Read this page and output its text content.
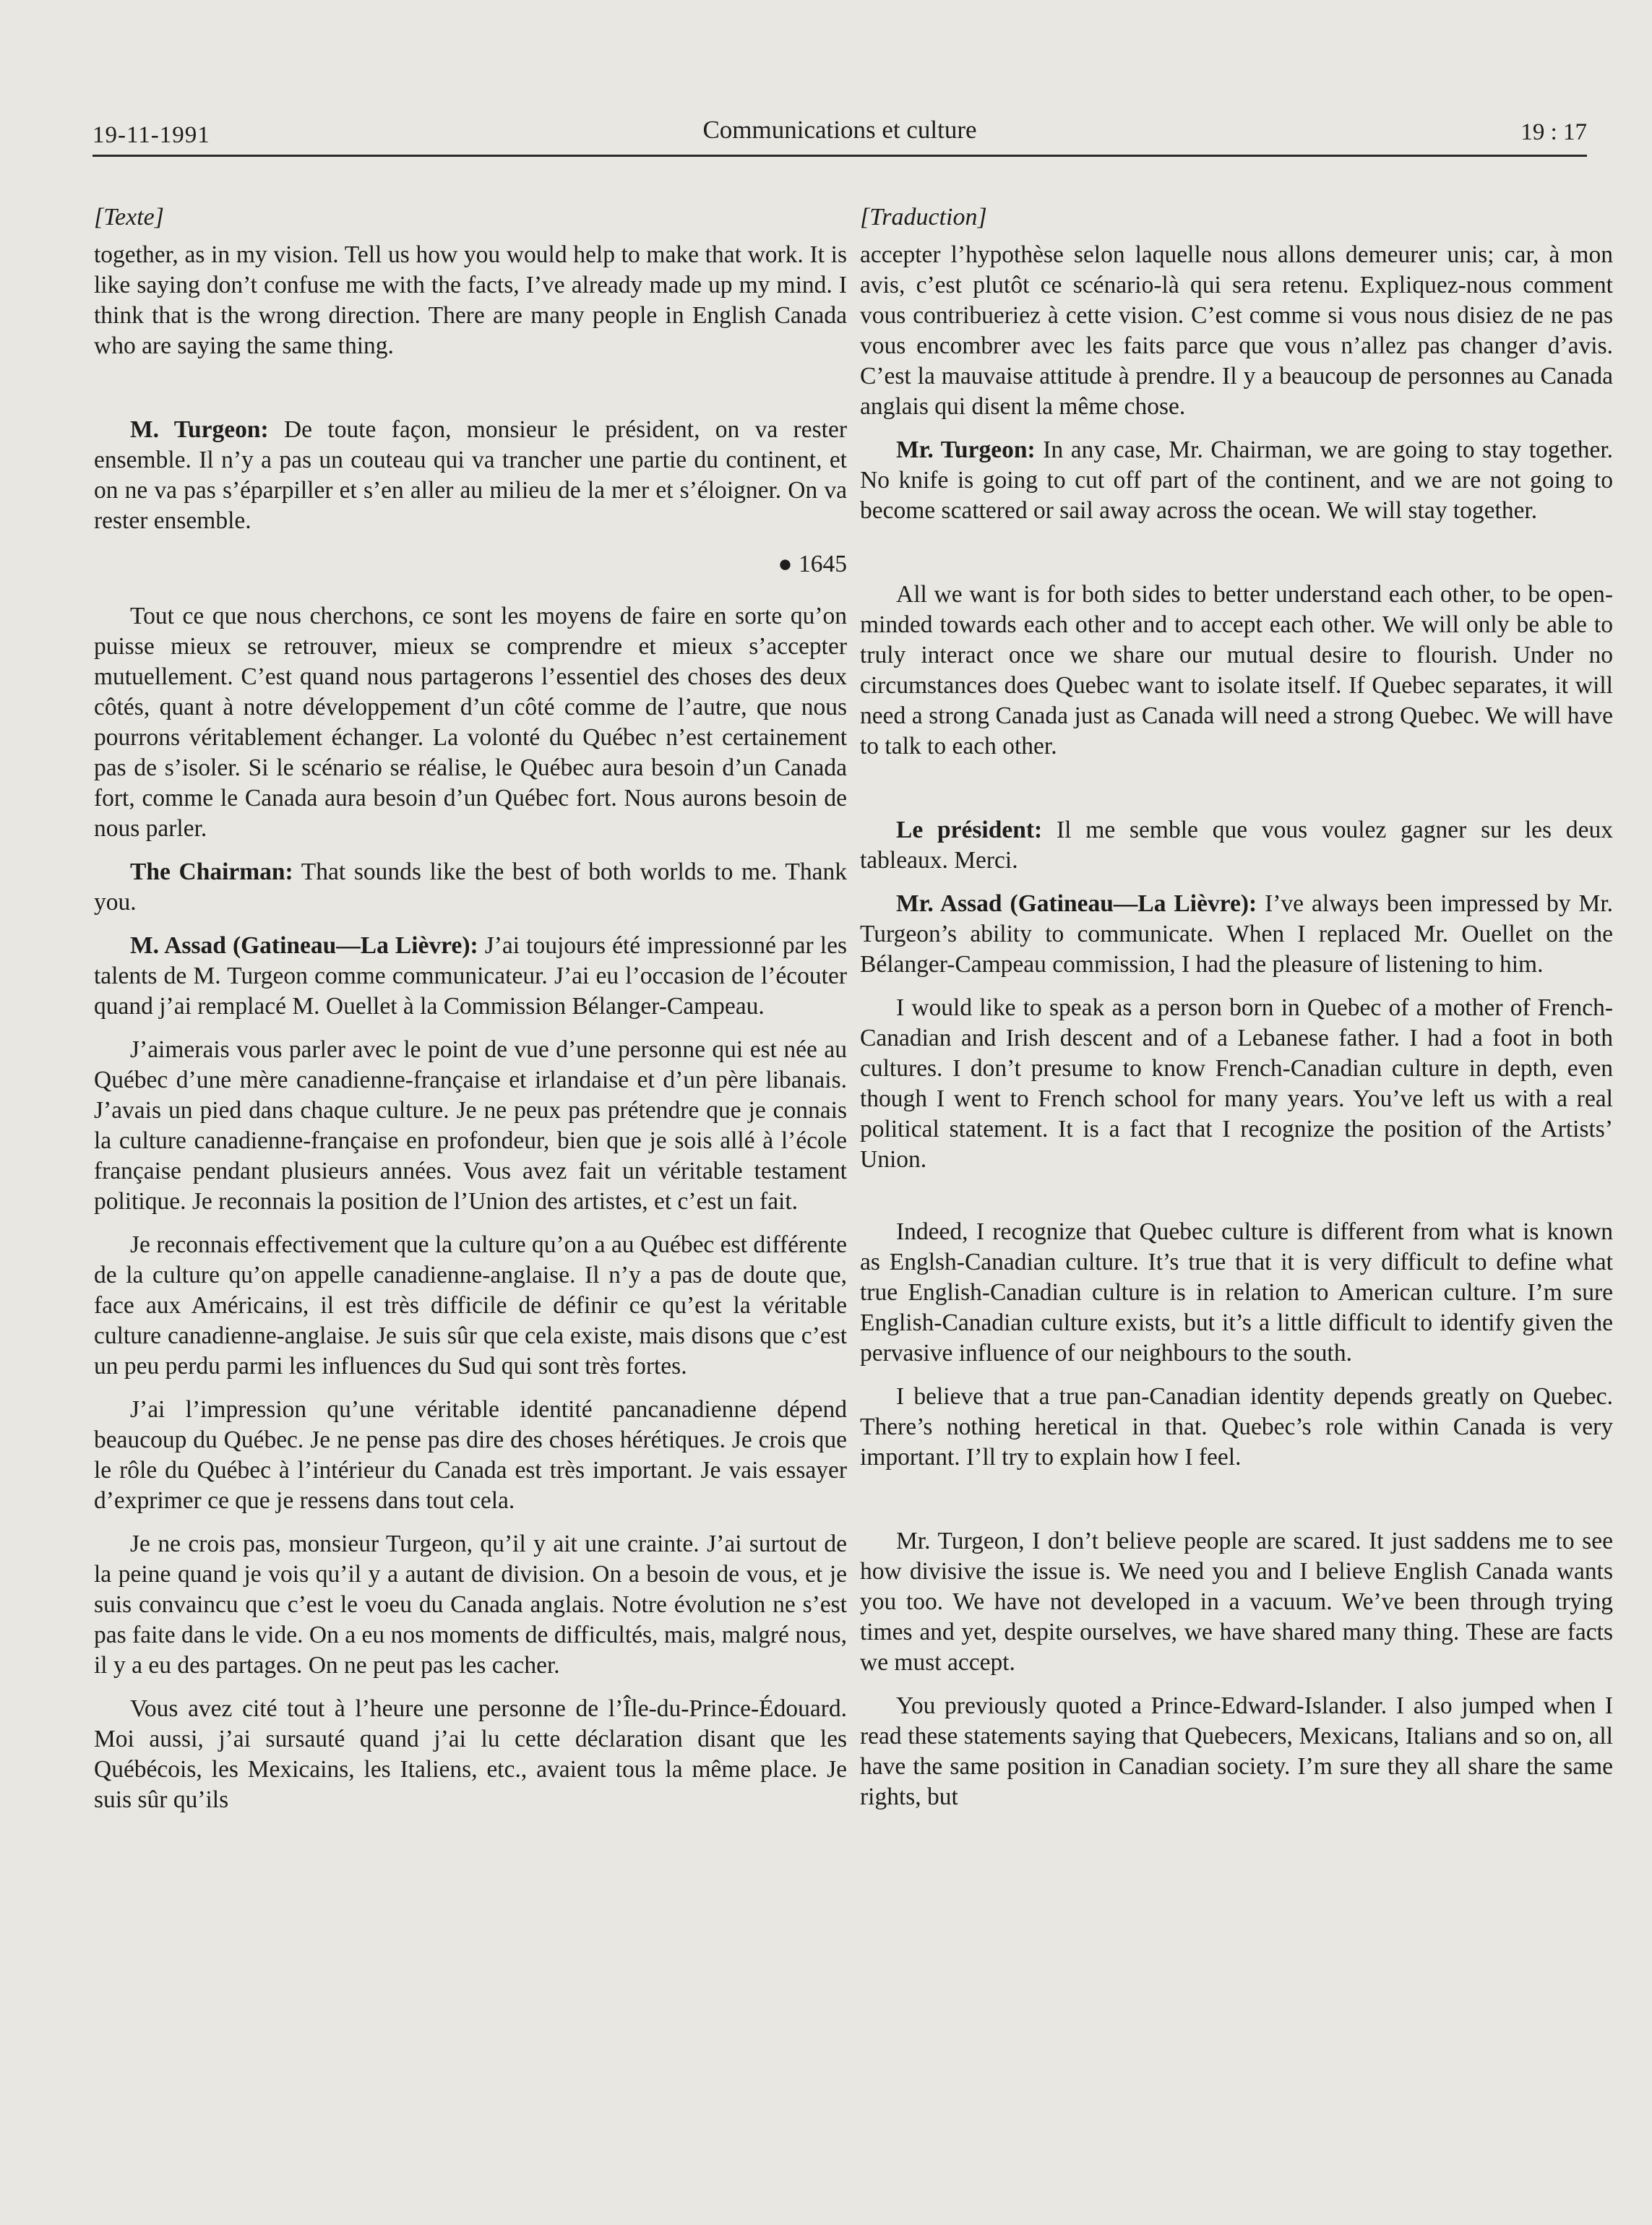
19-11-1991	Communications et culture	19 : 17

[Texte]

together, as in my vision. Tell us how you would help to make that work. It is like saying don’t confuse me with the facts, I’ve already made up my mind. I think that is the wrong direction. There are many people in English Canada who are saying the same thing.

M. Turgeon: De toute façon, monsieur le président, on va rester ensemble. Il n’y a pas un couteau qui va trancher une partie du continent, et on ne va pas s’éparpiller et s’en aller au milieu de la mer et s’éloigner. On va rester ensemble.

● 1645

Tout ce que nous cherchons, ce sont les moyens de faire en sorte qu’on puisse mieux se retrouver, mieux se comprendre et mieux s’accepter mutuellement. C’est quand nous partagerons l’essentiel des choses des deux côtés, quant à notre développement d’un côté comme de l’autre, que nous pourrons véritablement échanger. La volonté du Québec n’est certainement pas de s’isoler. Si le scénario se réalise, le Québec aura besoin d’un Canada fort, comme le Canada aura besoin d’un Québec fort. Nous aurons besoin de nous parler.

The Chairman: That sounds like the best of both worlds to me. Thank you.

M. Assad (Gatineau—La Lièvre): J’ai toujours été impressionné par les talents de M. Turgeon comme communicateur. J’ai eu l’occasion de l’écouter quand j’ai remplacé M. Ouellet à la Commission Bélanger-Campeau.

J’aimerais vous parler avec le point de vue d’une personne qui est née au Québec d’une mère canadienne-française et irlandaise et d’un père libanais. J’avais un pied dans chaque culture. Je ne peux pas prétendre que je connais la culture canadienne-française en profondeur, bien que je sois allé à l’école française pendant plusieurs années. Vous avez fait un véritable testament politique. Je reconnais la position de l’Union des artistes, et c’est un fait.

Je reconnais effectivement que la culture qu’on a au Québec est différente de la culture qu’on appelle canadienne-anglaise. Il n’y a pas de doute que, face aux Américains, il est très difficile de définir ce qu’est la véritable culture canadienne-anglaise. Je suis sûr que cela existe, mais disons que c’est un peu perdu parmi les influences du Sud qui sont très fortes.

J’ai l’impression qu’une véritable identité pancanadienne dépend beaucoup du Québec. Je ne pense pas dire des choses hérétiques. Je crois que le rôle du Québec à l’intérieur du Canada est très important. Je vais essayer d’exprimer ce que je ressens dans tout cela.

Je ne crois pas, monsieur Turgeon, qu’il y ait une crainte. J’ai surtout de la peine quand je vois qu’il y a autant de division. On a besoin de vous, et je suis convaincu que c’est le voeu du Canada anglais. Notre évolution ne s’est pas faite dans le vide. On a eu nos moments de difficultés, mais, malgré nous, il y a eu des partages. On ne peut pas les cacher.

Vous avez cité tout à l’heure une personne de l’Île-du-Prince-Édouard. Moi aussi, j’ai sursauté quand j’ai lu cette déclaration disant que les Québécois, les Mexicains, les Italiens, etc., avaient tous la même place. Je suis sûr qu’ils

[Traduction]

accepter l’hypothèse selon laquelle nous allons demeurer unis; car, à mon avis, c’est plutôt ce scénario-là qui sera retenu. Expliquez-nous comment vous contribueriez à cette vision. C’est comme si vous nous disiez de ne pas vous encombrer avec les faits parce que vous n’allez pas changer d’avis. C’est la mauvaise attitude à prendre. Il y a beaucoup de personnes au Canada anglais qui disent la même chose.

Mr. Turgeon: In any case, Mr. Chairman, we are going to stay together. No knife is going to cut off part of the continent, and we are not going to become scattered or sail away across the ocean. We will stay together.

All we want is for both sides to better understand each other, to be open-minded towards each other and to accept each other. We will only be able to truly interact once we share our mutual desire to flourish. Under no circumstances does Quebec want to isolate itself. If Quebec separates, it will need a strong Canada just as Canada will need a strong Quebec. We will have to talk to each other.

Le président: Il me semble que vous voulez gagner sur les deux tableaux. Merci.

Mr. Assad (Gatineau—La Lièvre): I’ve always been impressed by Mr. Turgeon’s ability to communicate. When I replaced Mr. Ouellet on the Bélanger-Campeau commission, I had the pleasure of listening to him.

I would like to speak as a person born in Quebec of a mother of French-Canadian and Irish descent and of a Lebanese father. I had a foot in both cultures. I don’t presume to know French-Canadian culture in depth, even though I went to French school for many years. You’ve left us with a real political statement. It is a fact that I recognize the position of the Artists’ Union.

Indeed, I recognize that Quebec culture is different from what is known as Englsh-Canadian culture. It’s true that it is very difficult to define what true English-Canadian culture is in relation to American culture. I’m sure English-Canadian culture exists, but it’s a little difficult to identify given the pervasive influence of our neighbours to the south.

I believe that a true pan-Canadian identity depends greatly on Quebec. There’s nothing heretical in that. Quebec’s role within Canada is very important. I’ll try to explain how I feel.

Mr. Turgeon, I don’t believe people are scared. It just saddens me to see how divisive the issue is. We need you and I believe English Canada wants you too. We have not developed in a vacuum. We’ve been through trying times and yet, despite ourselves, we have shared many thing. These are facts we must accept.

You previously quoted a Prince-Edward-Islander. I also jumped when I read these statements saying that Quebecers, Mexicans, Italians and so on, all have the same position in Canadian society. I’m sure they all share the same rights, but
